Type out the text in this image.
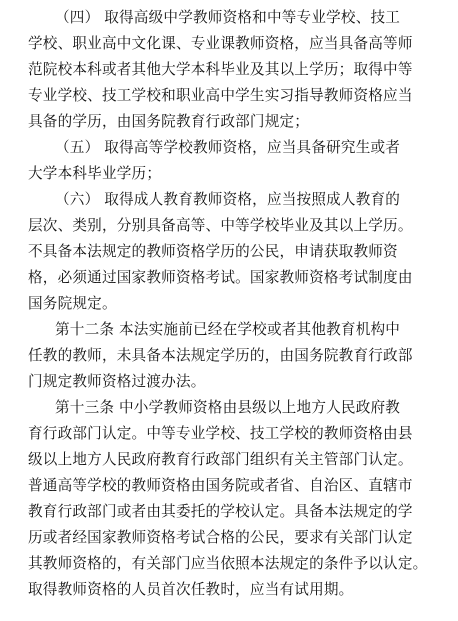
（四） 取得高级中学教师资格和中等专业学校、技工
学校、职业高中文化课、专业课教师资格，应当具备高等师
范院校本科或者其他大学本科毕业及其以上学历；取得中等
专业学校、技工学校和职业高中学生实习指导教师资格应当
具备的学历，由国务院教育行政部门规定；
（五） 取得高等学校教师资格，应当具备研究生或者
大学本科毕业学历；
（六） 取得成人教育教师资格，应当按照成人教育的
层次、类别，分别具备高等、中等学校毕业及其以上学历。
不具备本法规定的教师资格学历的公民，申请获取教师资
格，必须通过国家教师资格考试。国家教师资格考试制度由
国务院规定。
第十二条 本法实施前已经在学校或者其他教育机构中
任教的教师，未具备本法规定学历的，由国务院教育行政部
门规定教师资格过渡办法。
第十三条 中小学教师资格由县级以上地方人民政府教
育行政部门认定。中等专业学校、技工学校的教师资格由县
级以上地方人民政府教育行政部门组织有关主管部门认定。
普通高等学校的教师资格由国务院或者省、自治区、直辖市
教育行政部门或者由其委托的学校认定。具备本法规定的学
历或者经国家教师资格考试合格的公民，要求有关部门认定
其教师资格的，有关部门应当依照本法规定的条件予以认定。
取得教师资格的人员首次任教时，应当有试用期。
